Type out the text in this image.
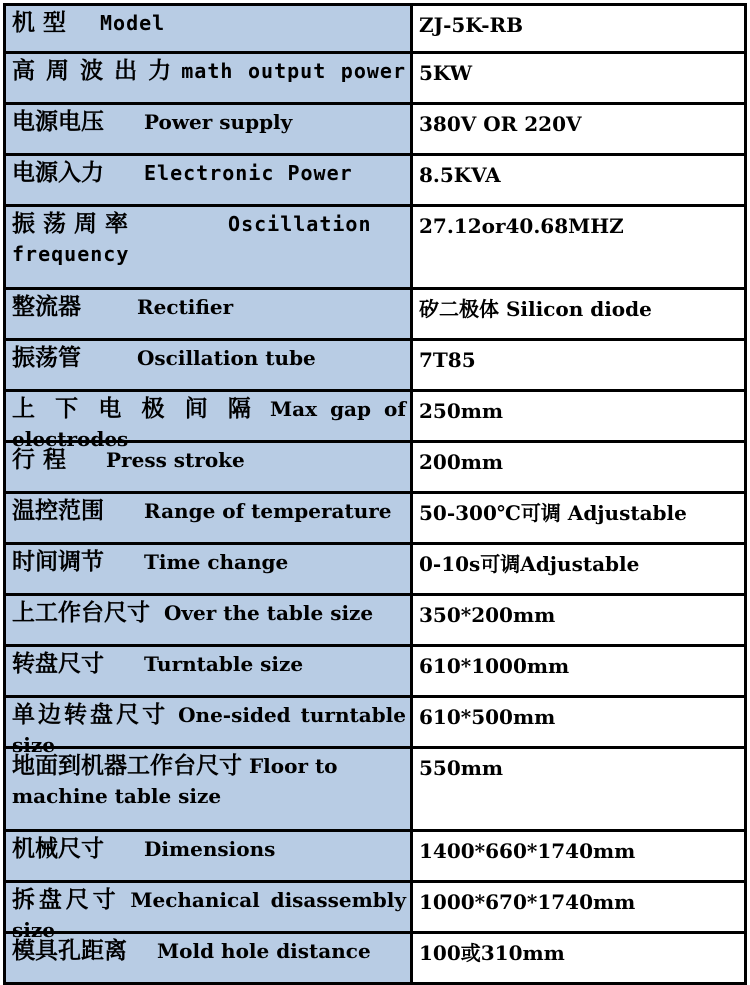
机 型 Model	ZJ-5K-RB

高 周 波 出 力 math output power	5KW

电源电压 Power supply	380V OR 220V

电源入力 Electronic Power	8.5KVA

振 荡 周 率 Oscillation frequency	27.12or40.68MHZ

整流器 Rectifier	矽二极体 Silicon diode

振荡管 Oscillation tube	7T85

上 下 电 极 间 隔 Max gap of electrodes	250mm

行 程 Press stroke	200mm

温控范围 Range of temperature	50-300℃可调 Adjustable

时间调节 Time change	0-10s可调Adjustable

上工作台尺寸 Over the table size	350*200mm

转盘尺寸 Turntable size	610*1000mm

单边转盘尺寸 One-sided turntable size	610*500mm

地面到机器工作台尺寸 Floor to machine table size	550mm

机械尺寸 Dimensions	1400*660*1740mm

拆盘尺寸 Mechanical disassembly size	1000*670*1740mm

模具孔距离 Mold hole distance	100或310mm
